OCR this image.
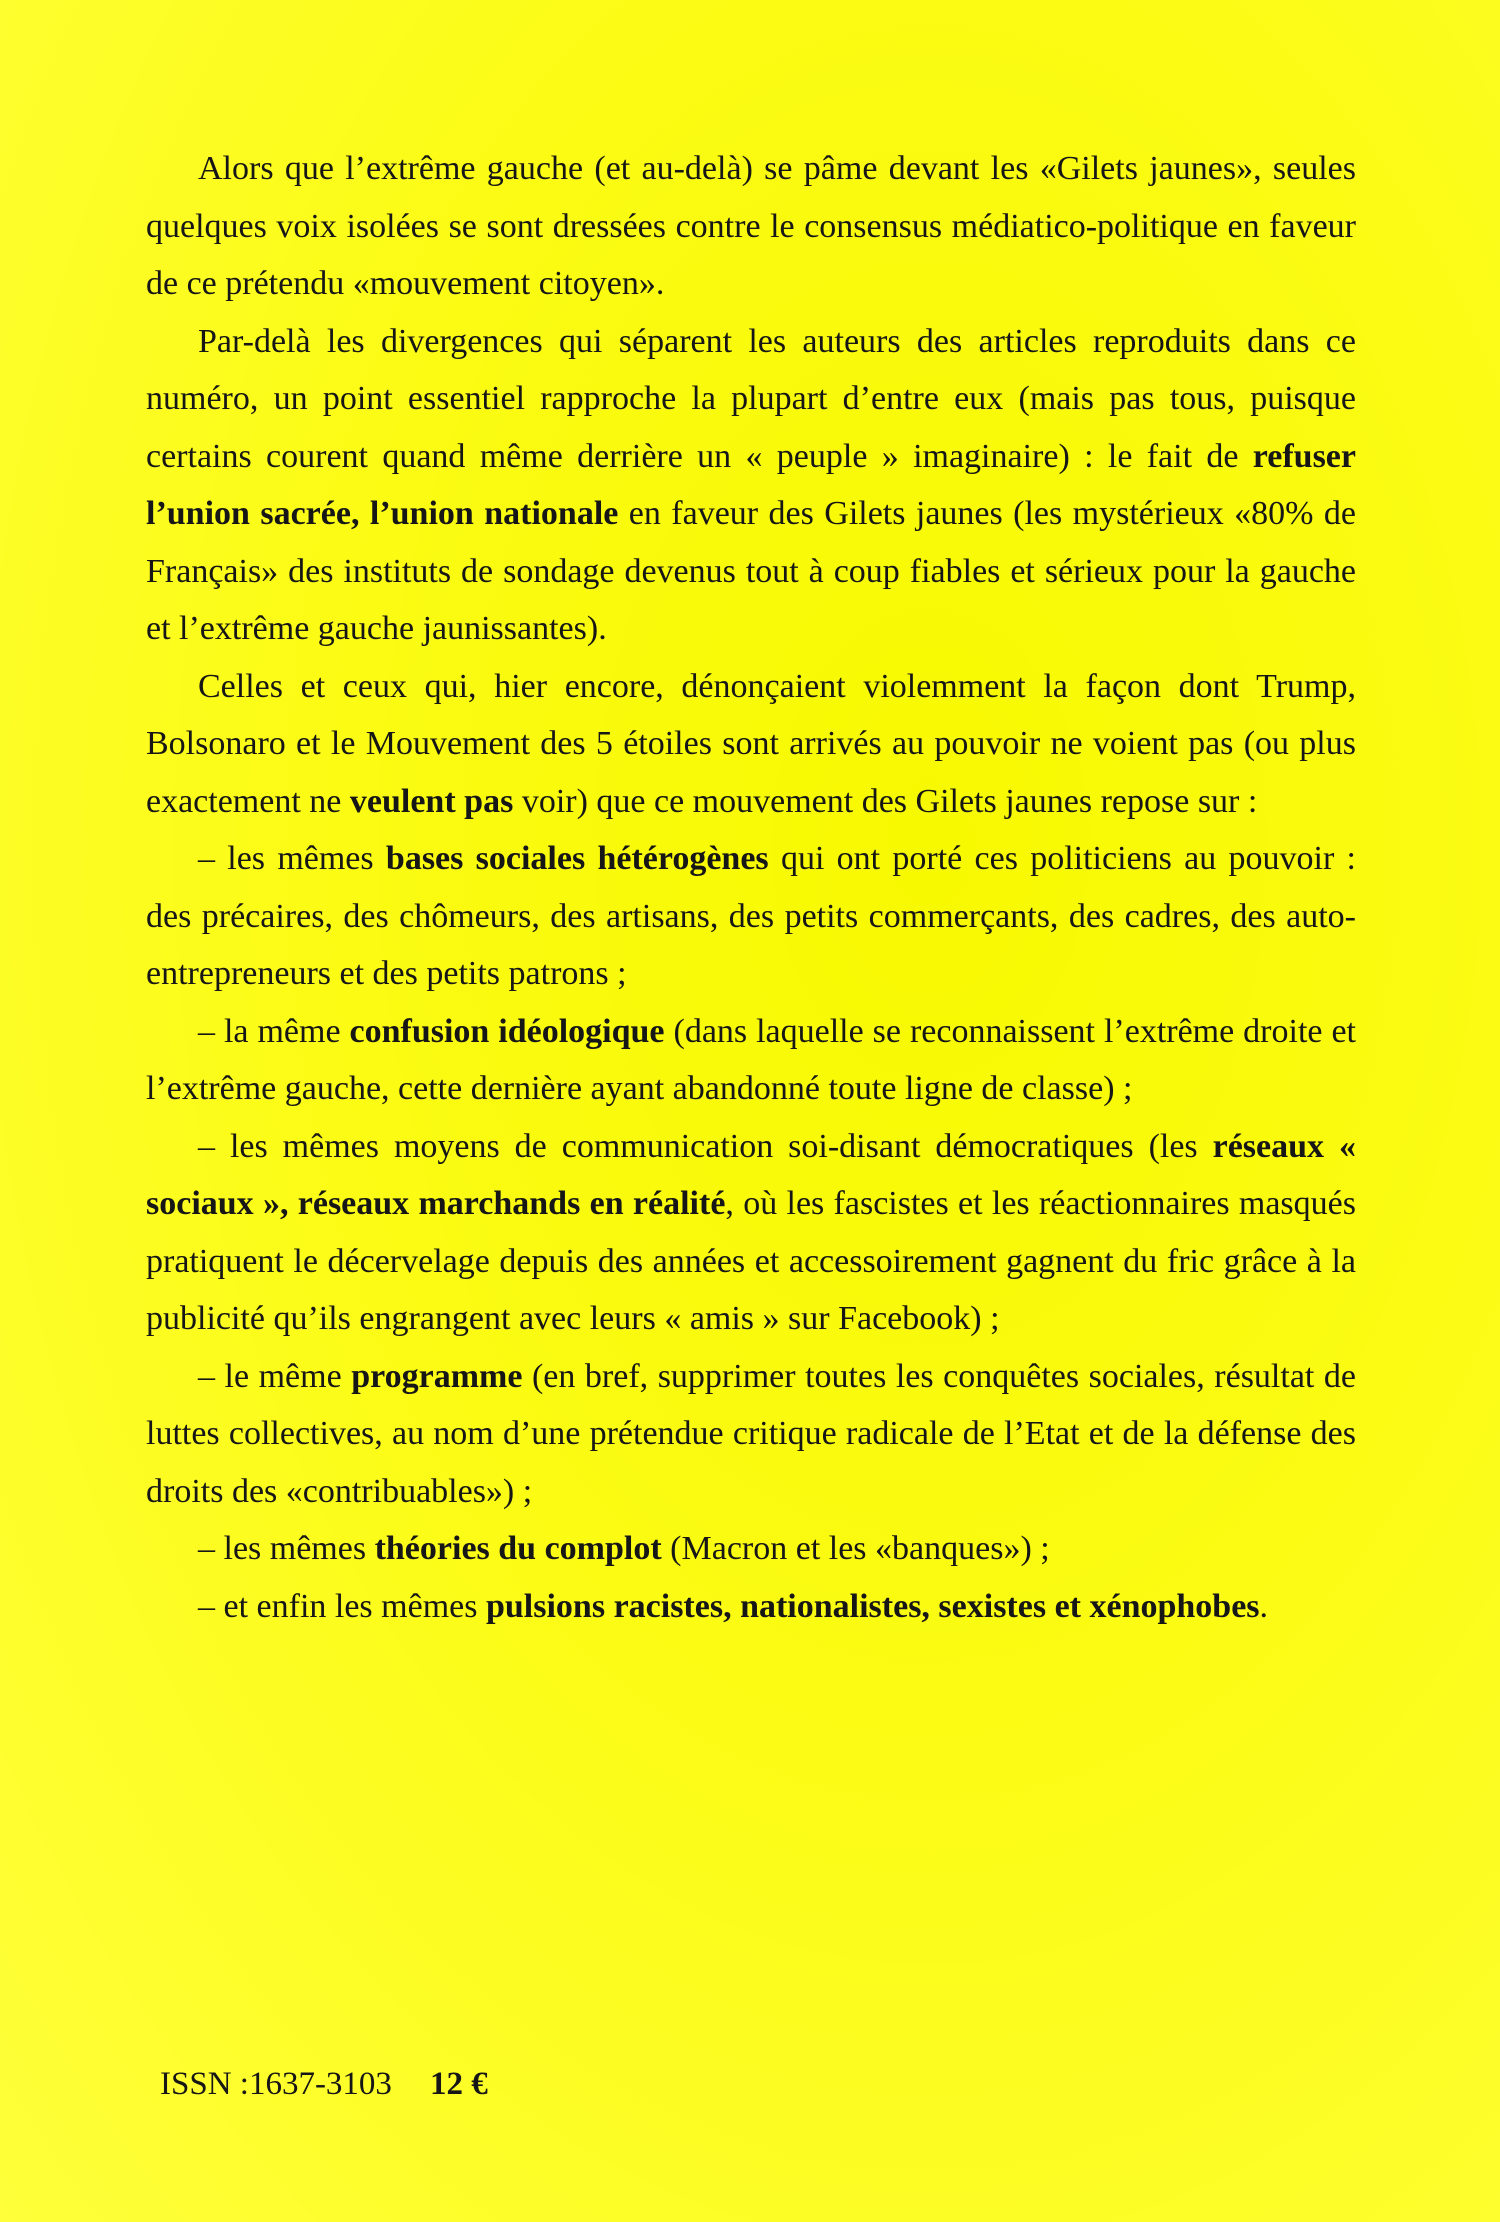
Alors que l’extrême gauche (et au-delà) se pâme devant les «Gilets jaunes», seules quelques voix isolées se sont dressées contre le consensus médiatico-politique en faveur de ce prétendu «mouvement citoyen».

Par-delà les divergences qui séparent les auteurs des articles reproduits dans ce numéro, un point essentiel rapproche la plupart d’entre eux (mais pas tous, puisque certains courent quand même derrière un « peuple » imaginaire) : le fait de refuser l’union sacrée, l’union nationale en faveur des Gilets jaunes (les mystérieux «80% de Français» des instituts de sondage devenus tout à coup fiables et sérieux pour la gauche et l’extrême gauche jaunissantes).

Celles et ceux qui, hier encore, dénonçaient violemment la façon dont Trump, Bolsonaro et le Mouvement des 5 étoiles sont arrivés au pouvoir ne voient pas (ou plus exactement ne veulent pas voir) que ce mouvement des Gilets jaunes repose sur :

– les mêmes bases sociales hétérogènes qui ont porté ces politiciens au pouvoir : des précaires, des chômeurs, des artisans, des petits commerçants, des cadres, des auto-entrepreneurs et des petits patrons ;

– la même confusion idéologique (dans laquelle se reconnaissent l’extrême droite et l’extrême gauche, cette dernière ayant abandonné toute ligne de classe) ;

– les mêmes moyens de communication soi-disant démocratiques (les réseaux « sociaux », réseaux marchands en réalité, où les fascistes et les réactionnaires masqués pratiquent le décervelage depuis des années et accessoirement gagnent du fric grâce à la publicité qu’ils engrangent avec leurs « amis » sur Facebook) ;

– le même programme (en bref, supprimer toutes les conquêtes sociales, résultat de luttes collectives, au nom d’une prétendue critique radicale de l’Etat et de la défense des droits des «contribuables») ;

– les mêmes théories du complot (Macron et les «banques») ;

– et enfin les mêmes pulsions racistes, nationalistes, sexistes et xénophobes.

ISSN :1637-3103 12 €
